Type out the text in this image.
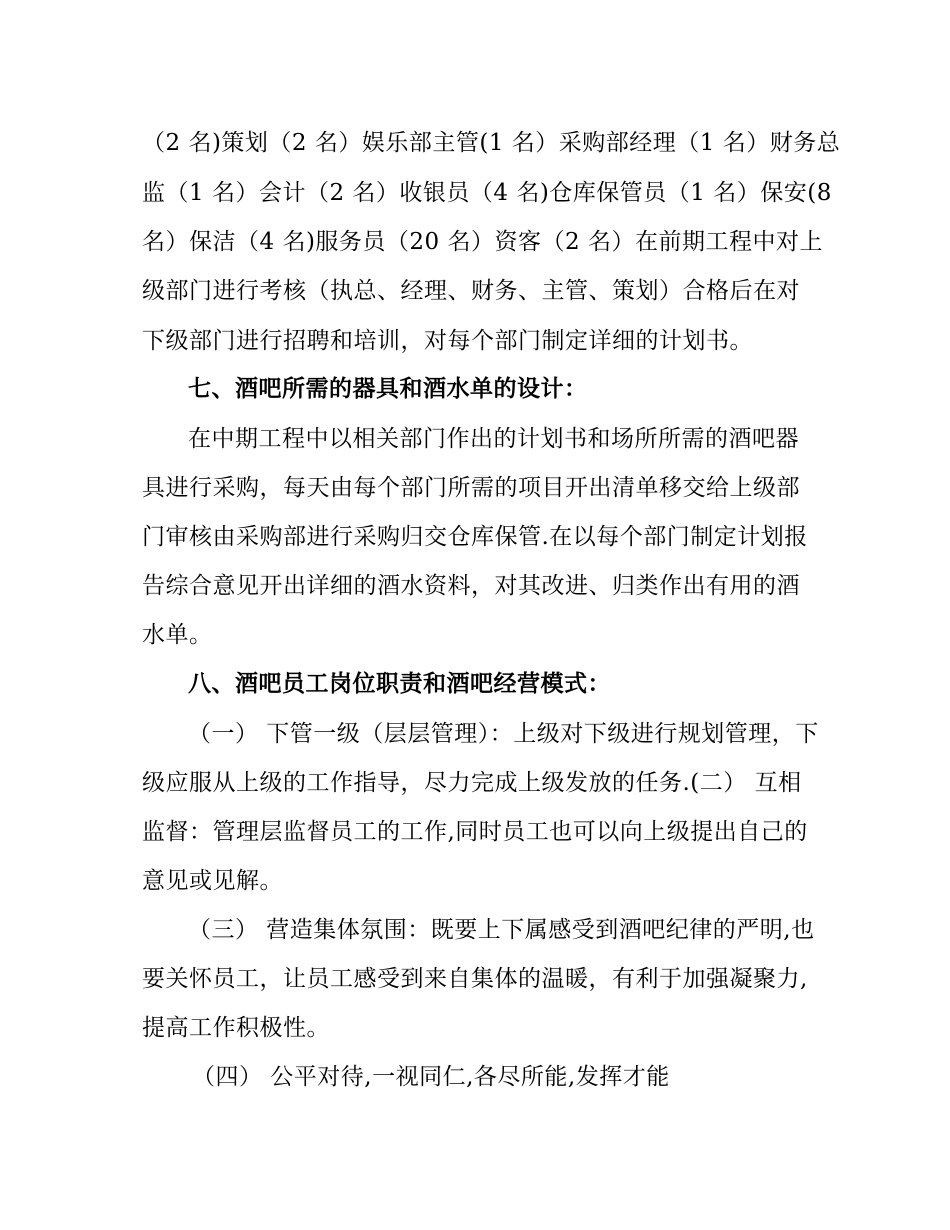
（2 名)策划（2 名）娱乐部主管(1 名）采购部经理（1 名）财务总
监（1 名）会计（2 名）收银员（4 名)仓库保管员（1 名）保安(8
名）保洁（4 名)服务员（20 名）资客（2 名）在前期工程中对上
级部门进行考核（执总、经理、财务、主管、策划）合格后在对
下级部门进行招聘和培训，对每个部门制定详细的计划书。
七、酒吧所需的器具和酒水单的设计：
在中期工程中以相关部门作出的计划书和场所所需的酒吧器
具进行采购，每天由每个部门所需的项目开出清单移交给上级部
门审核由采购部进行采购归交仓库保管.在以每个部门制定计划报
告综合意见开出详细的酒水资料，对其改进、归类作出有用的酒
水单。
八、酒吧员工岗位职责和酒吧经营模式：
（一） 下管一级（层层管理）：上级对下级进行规划管理，下
级应服从上级的工作指导，尽力完成上级发放的任务.(二） 互相
监督：管理层监督员工的工作,同时员工也可以向上级提出自己的
意见或见解。
（三） 营造集体氛围：既要上下属感受到酒吧纪律的严明,也
要关怀员工，让员工感受到来自集体的温暖，有利于加强凝聚力,
提高工作积极性。
（四） 公平对待,一视同仁,各尽所能,发挥才能
